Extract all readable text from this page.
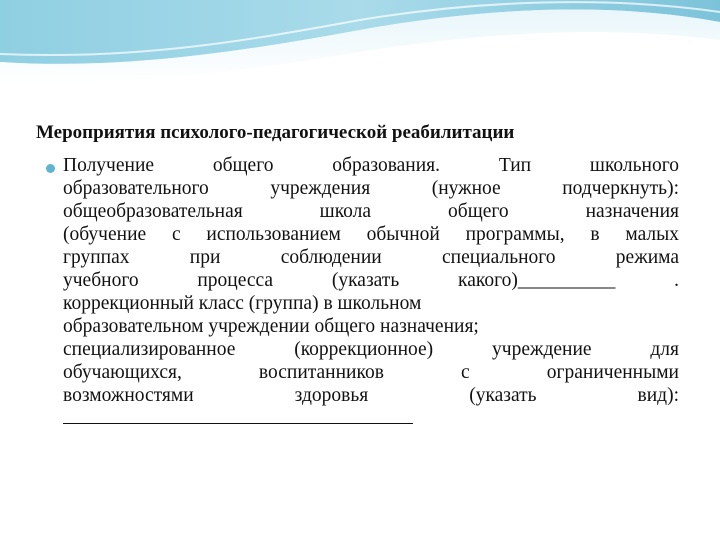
Мероприятия психолого-педагогической реабилитации
Получение общего образования. Тип школьного
образовательного учреждения (нужное подчеркнуть):
общеобразовательная школа общего назначения
(обучение с использованием обычной программы, в малых
группах при соблюдении специального режима
учебного процесса (указать какого)__________ .
коррекционный класс (группа) в школьном
образовательном учреждении общего назначения;
специализированное (коррекционное) учреждение для
обучающихся, воспитанников с ограниченными
возможностями здоровья (указать вид):
